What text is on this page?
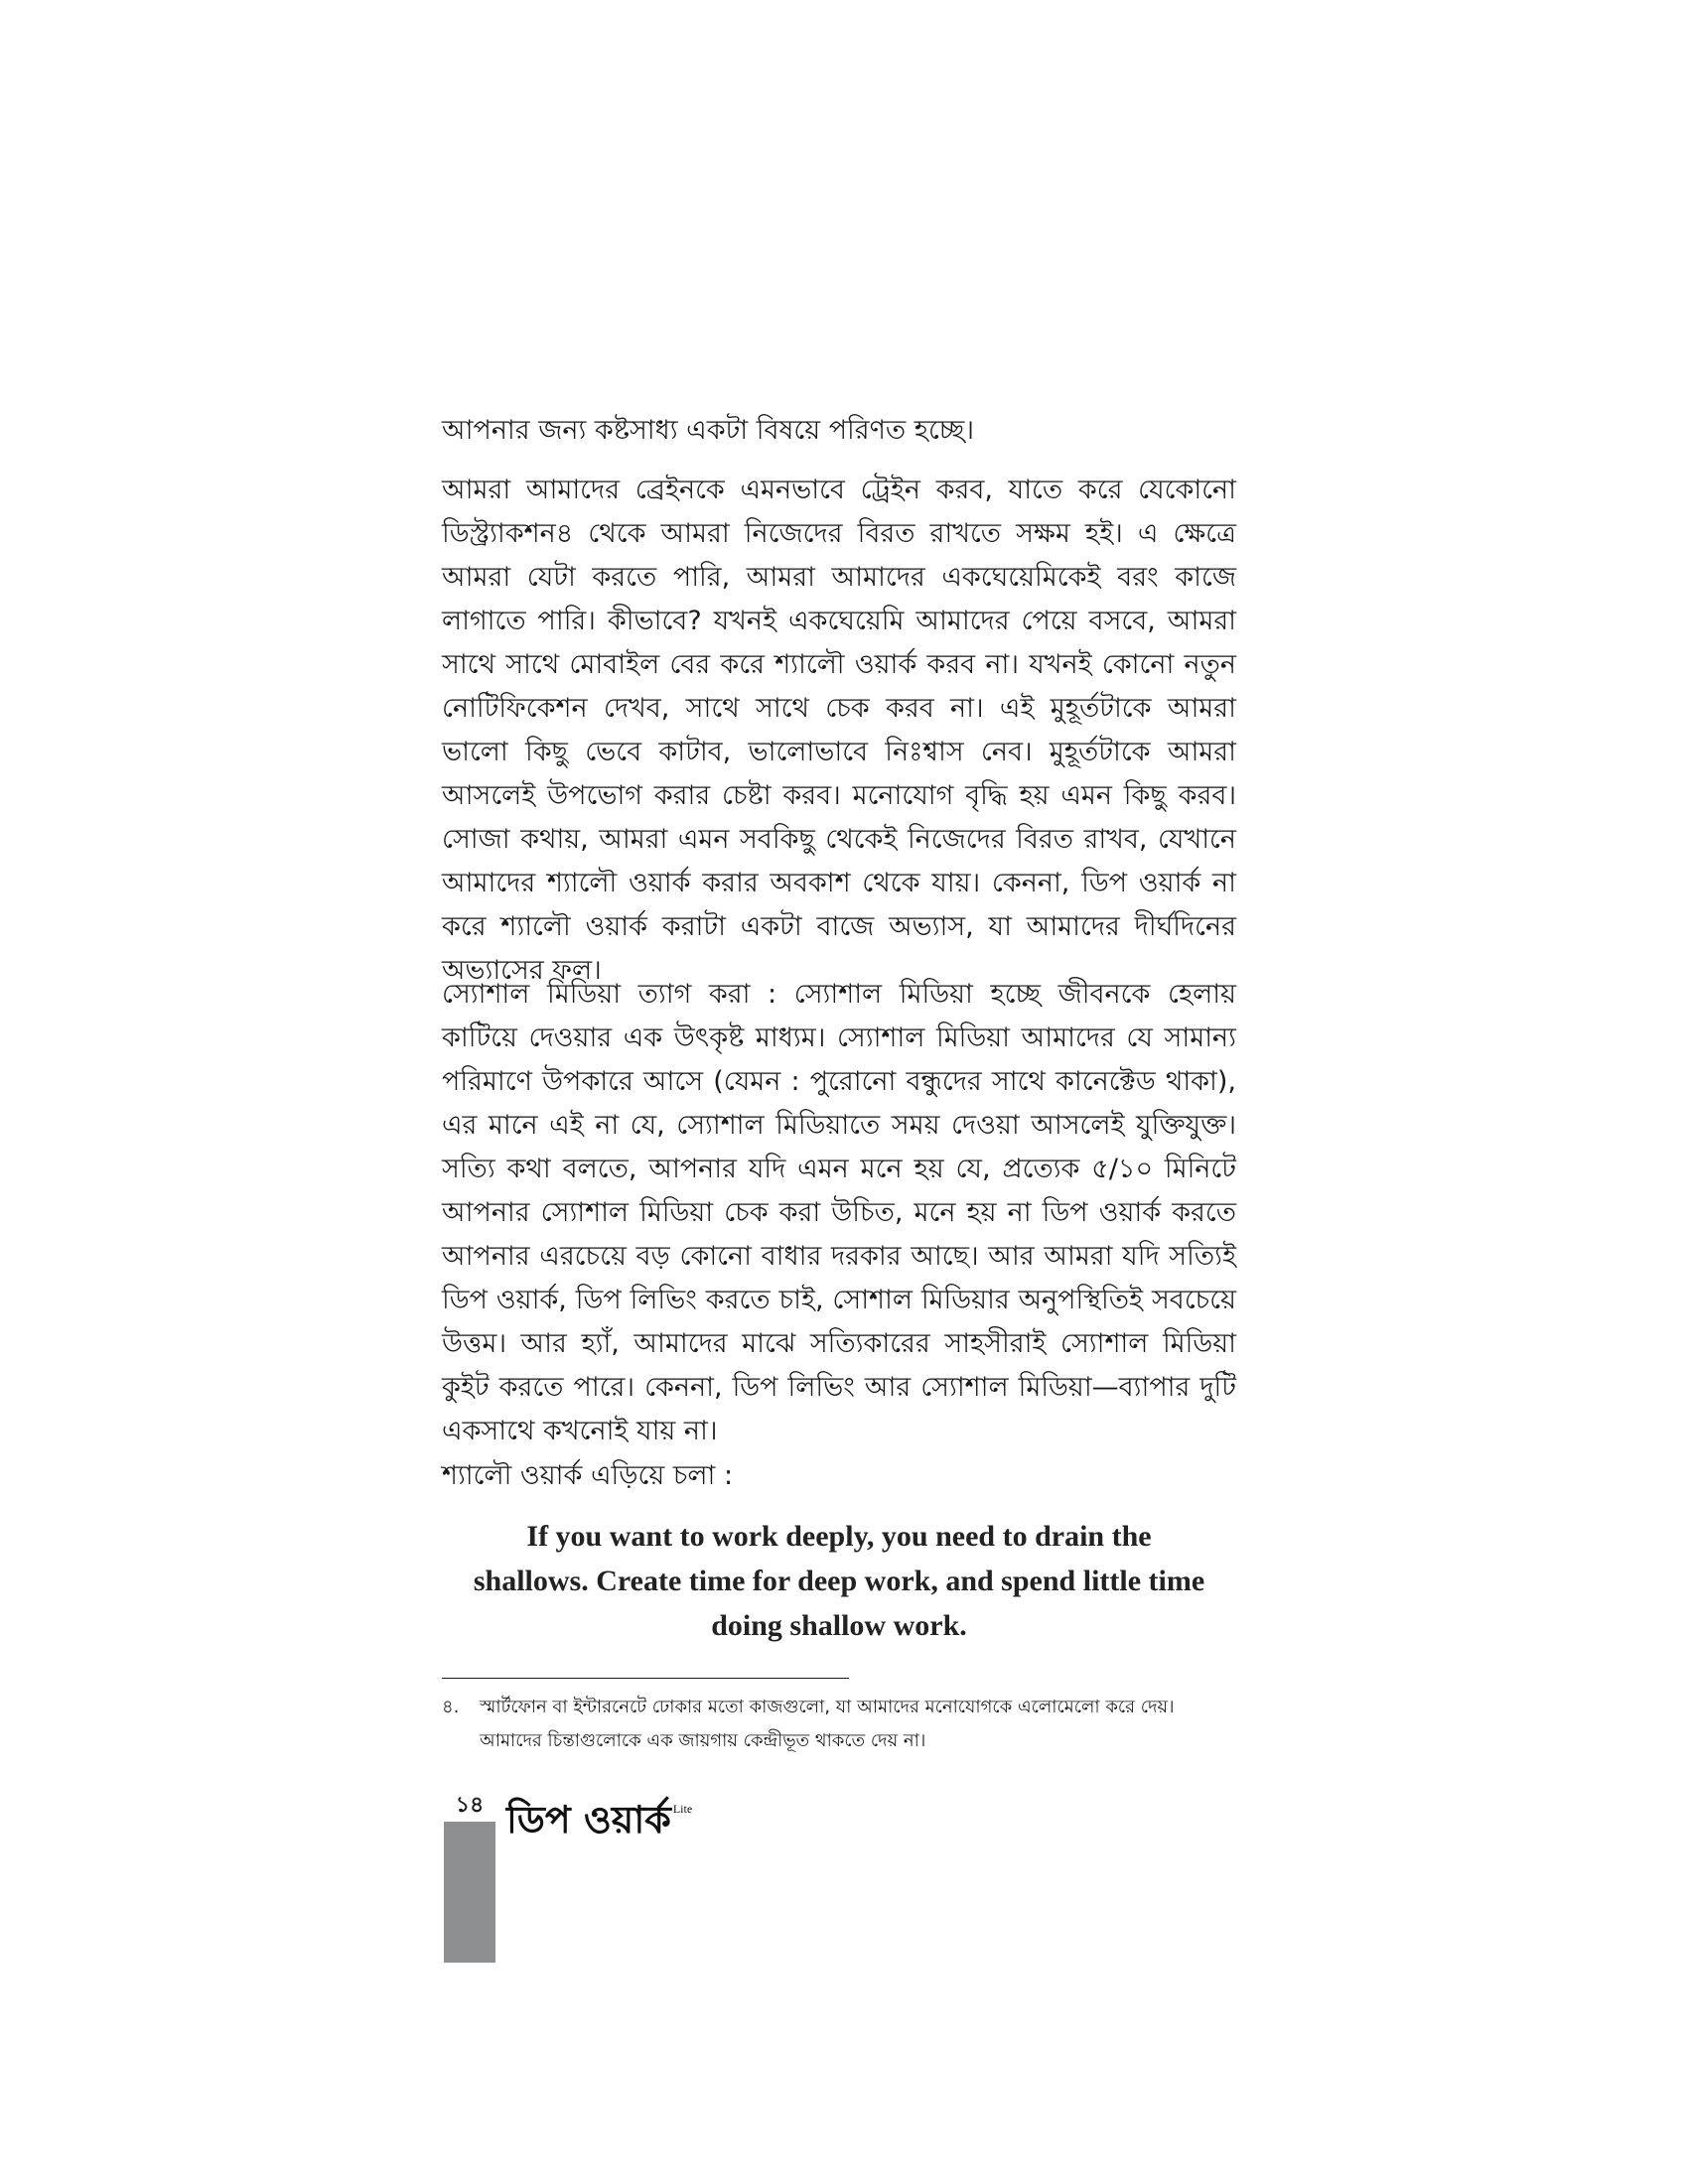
আপনার জন্য কষ্টসাধ্য একটা বিষয়ে পরিণত হচ্ছে।
আমরা আমাদের ব্রেইনকে এমনভাবে ট্রেইন করব, যাতে করে যেকোনো ডিস্ট্র্যাকশন৪ থেকে আমরা নিজেদের বিরত রাখতে সক্ষম হই। এ ক্ষেত্রে আমরা যেটা করতে পারি, আমরা আমাদের একঘেয়েমিকেই বরং কাজে লাগাতে পারি। কীভাবে? যখনই একঘেয়েমি আমাদের পেয়ে বসবে, আমরা সাথে সাথে মোবাইল বের করে শ্যালৌ ওয়ার্ক করব না। যখনই কোনো নতুন নোটিফিকেশন দেখব, সাথে সাথে চেক করব না। এই মুহূর্তটাকে আমরা ভালো কিছু ভেবে কাটাব, ভালোভাবে নিঃশ্বাস নেব। মুহূর্তটাকে আমরা আসলেই উপভোগ করার চেষ্টা করব। মনোযোগ বৃদ্ধি হয় এমন কিছু করব। সোজা কথায়, আমরা এমন সবকিছু থেকেই নিজেদের বিরত রাখব, যেখানে আমাদের শ্যালৌ ওয়ার্ক করার অবকাশ থেকে যায়। কেননা, ডিপ ওয়ার্ক না করে শ্যালৌ ওয়ার্ক করাটা একটা বাজে অভ্যাস, যা আমাদের দীর্ঘদিনের অভ্যাসের ফল।
স্যোশাল মিডিয়া ত্যাগ করা : স্যোশাল মিডিয়া হচ্ছে জীবনকে হেলায় কাটিয়ে দেওয়ার এক উৎকৃষ্ট মাধ্যম। স্যোশাল মিডিয়া আমাদের যে সামান্য পরিমাণে উপকারে আসে (যেমন : পুরোনো বন্ধুদের সাথে কানেক্টেড থাকা), এর মানে এই না যে, স্যোশাল মিডিয়াতে সময় দেওয়া আসলেই যুক্তিযুক্ত। সত্যি কথা বলতে, আপনার যদি এমন মনে হয় যে, প্রত্যেক ৫/১০ মিনিটে আপনার স্যোশাল মিডিয়া চেক করা উচিত, মনে হয় না ডিপ ওয়ার্ক করতে আপনার এরচেয়ে বড় কোনো বাধার দরকার আছে। আর আমরা যদি সত্যিই ডিপ ওয়ার্ক, ডিপ লিভিং করতে চাই, সোশাল মিডিয়ার অনুপস্থিতিই সবচেয়ে উত্তম। আর হ্যাঁ, আমাদের মাঝে সত্যিকারের সাহসীরাই স্যোশাল মিডিয়া কুইট করতে পারে। কেননা, ডিপ লিভিং আর স্যোশাল মিডিয়া—ব্যাপার দুটি একসাথে কখনোই যায় না।
শ্যালৌ ওয়ার্ক এড়িয়ে চলা :
If you want to work deeply, you need to drain the shallows. Create time for deep work, and spend little time doing shallow work.
৪. স্মার্টফোন বা ইন্টারনেটে ঢোকার মতো কাজগুলো, যা আমাদের মনোযোগকে এলোমেলো করে দেয়।
আমাদের চিন্তাগুলোকে এক জায়গায় কেন্দ্রীভূত থাকতে দেয় না।
১৪ ডিপ ওয়ার্ক $^{Lite}$
